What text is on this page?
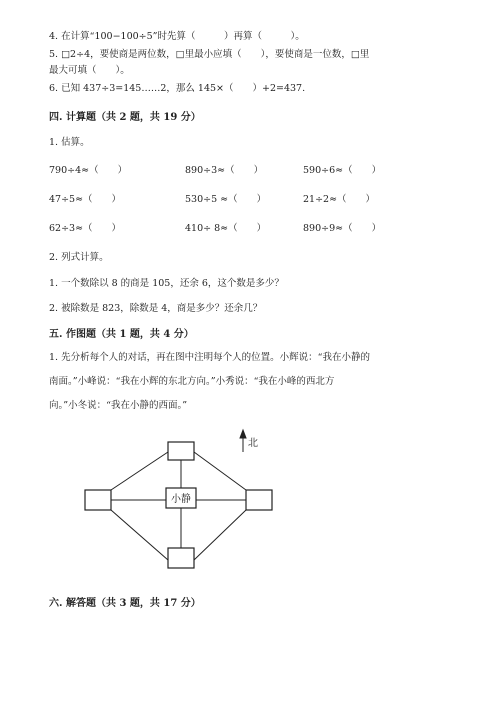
4. 在计算“100−100÷5”时先算（　　　）再算（　　　）。
5. □2÷4，要使商是两位数，□里最小应填（　　），要使商是一位数，□里
最大可填（　　）。
6. 已知 437÷3=145……2，那么 145×（　　）+2=437.
四. 计算题（共 2 题，共 19 分）
1. 估算。
790÷4≈（　　）	890÷3≈（　　）	590÷6≈（　　）
47÷5≈（　　）	530÷5 ≈（　　）	21÷2≈（　　）
62÷3≈（　　）	410÷ 8≈（　　）	890÷9≈（　　）
2. 列式计算。
1. 一个数除以 8 的商是 105，还余 6，这个数是多少？
2. 被除数是 823，除数是 4，商是多少？还余几？
五. 作图题（共 1 题，共 4 分）
1. 先分析每个人的对话，再在图中注明每个人的位置。小辉说：“我在小静的
南面。”小峰说：“我在小辉的东北方向。”小秀说：“我在小峰的西北方
向。”小冬说：“我在小静的西面。”
小静
北
六. 解答题（共 3 题，共 17 分）
